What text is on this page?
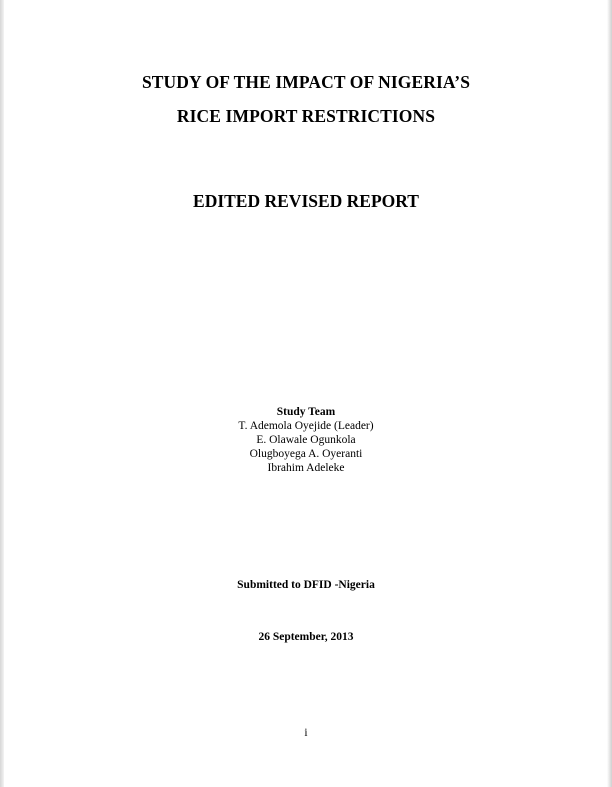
STUDY OF THE IMPACT OF NIGERIA’S
RICE IMPORT RESTRICTIONS
EDITED REVISED REPORT
Study Team
T. Ademola Oyejide (Leader)
E. Olawale Ogunkola
Olugboyega A. Oyeranti
Ibrahim Adeleke
Submitted to DFID -Nigeria
26 September, 2013
i
